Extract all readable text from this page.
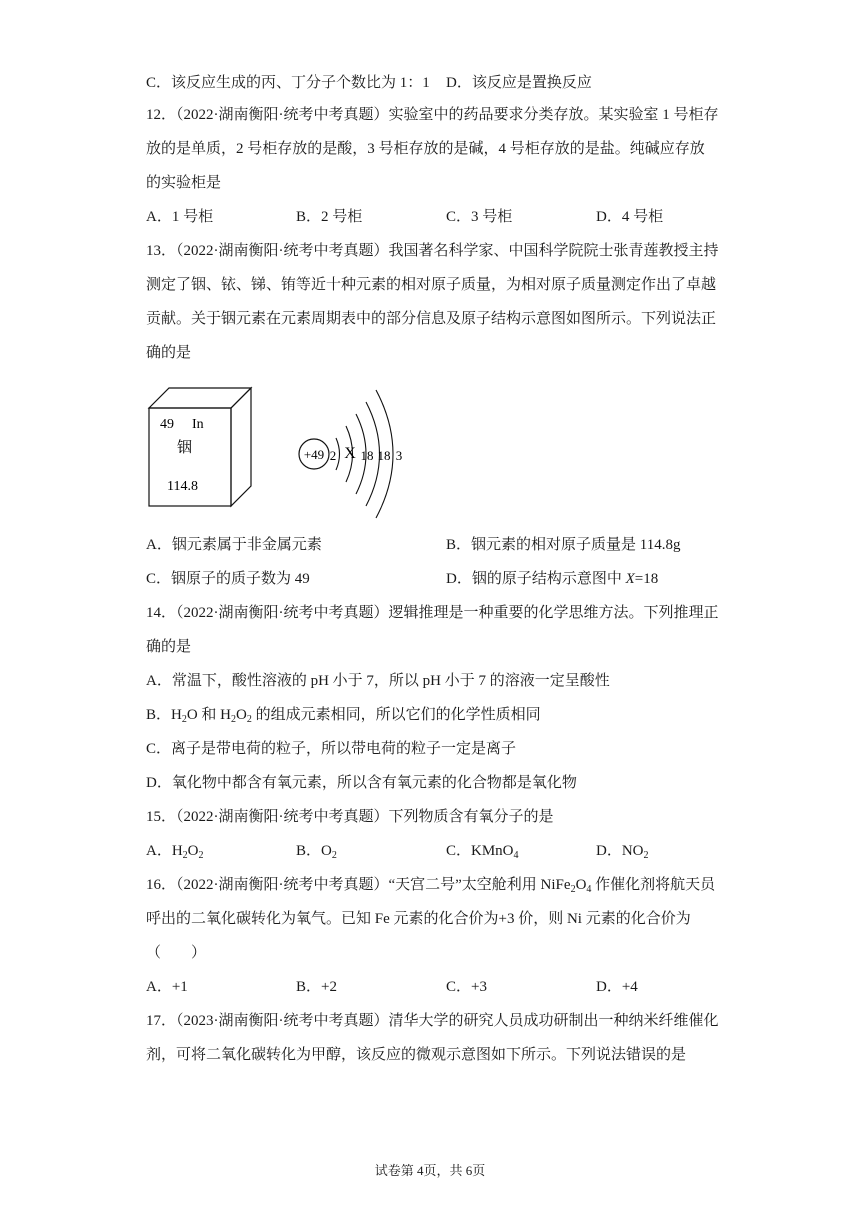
C．该反应生成的丙、丁分子个数比为 1：1 D．该反应是置换反应
12．（2022·湖南衡阳·统考中考真题）实验室中的药品要求分类存放。某实验室 1 号柜存
放的是单质，2 号柜存放的是酸，3 号柜存放的是碱，4 号柜存放的是盐。纯碱应存放
的实验柜是
A．1 号柜	B．2 号柜	C．3 号柜	D．4 号柜
13．（2022·湖南衡阳·统考中考真题）我国著名科学家、中国科学院院士张青莲教授主持
测定了铟、铱、锑、铕等近十种元素的相对原子质量，为相对原子质量测定作出了卓越
贡献。关于铟元素在元素周期表中的部分信息及原子结构示意图如图所示。下列说法正
确的是
49 In
铟
114.8
+49 2 X 18 18 3
A．铟元素属于非金属元素	B．铟元素的相对原子质量是 114.8g
C．铟原子的质子数为 49	D．铟的原子结构示意图中 X=18
14．（2022·湖南衡阳·统考中考真题）逻辑推理是一种重要的化学思维方法。下列推理正
确的是
A．常温下，酸性溶液的 pH 小于 7，所以 pH 小于 7 的溶液一定呈酸性
B．$H_2O$ 和 $H_2O_2$ 的组成元素相同，所以它们的化学性质相同
C．离子是带电荷的粒子，所以带电荷的粒子一定是离子
D．氧化物中都含有氧元素，所以含有氧元素的化合物都是氧化物
15．（2022·湖南衡阳·统考中考真题）下列物质含有氧分子的是
A．$H_2O_2$	B．$O_2$	C．KMnO$_4$	D．$NO_2$
16．（2022·湖南衡阳·统考中考真题）“天宫二号”太空舱利用 $NiFe_2O_4$ 作催化剂将航天员
呼出的二氧化碳转化为氧气。已知 Fe 元素的化合价为+3 价，则 Ni 元素的化合价为
（　　）
A．+1	B．+2	C．+3	D．+4
17．（2023·湖南衡阳·统考中考真题）清华大学的研究人员成功研制出一种纳米纤维催化
剂，可将二氧化碳转化为甲醇，该反应的微观示意图如下所示。下列说法错误的是
试卷第 4页，共 6页
